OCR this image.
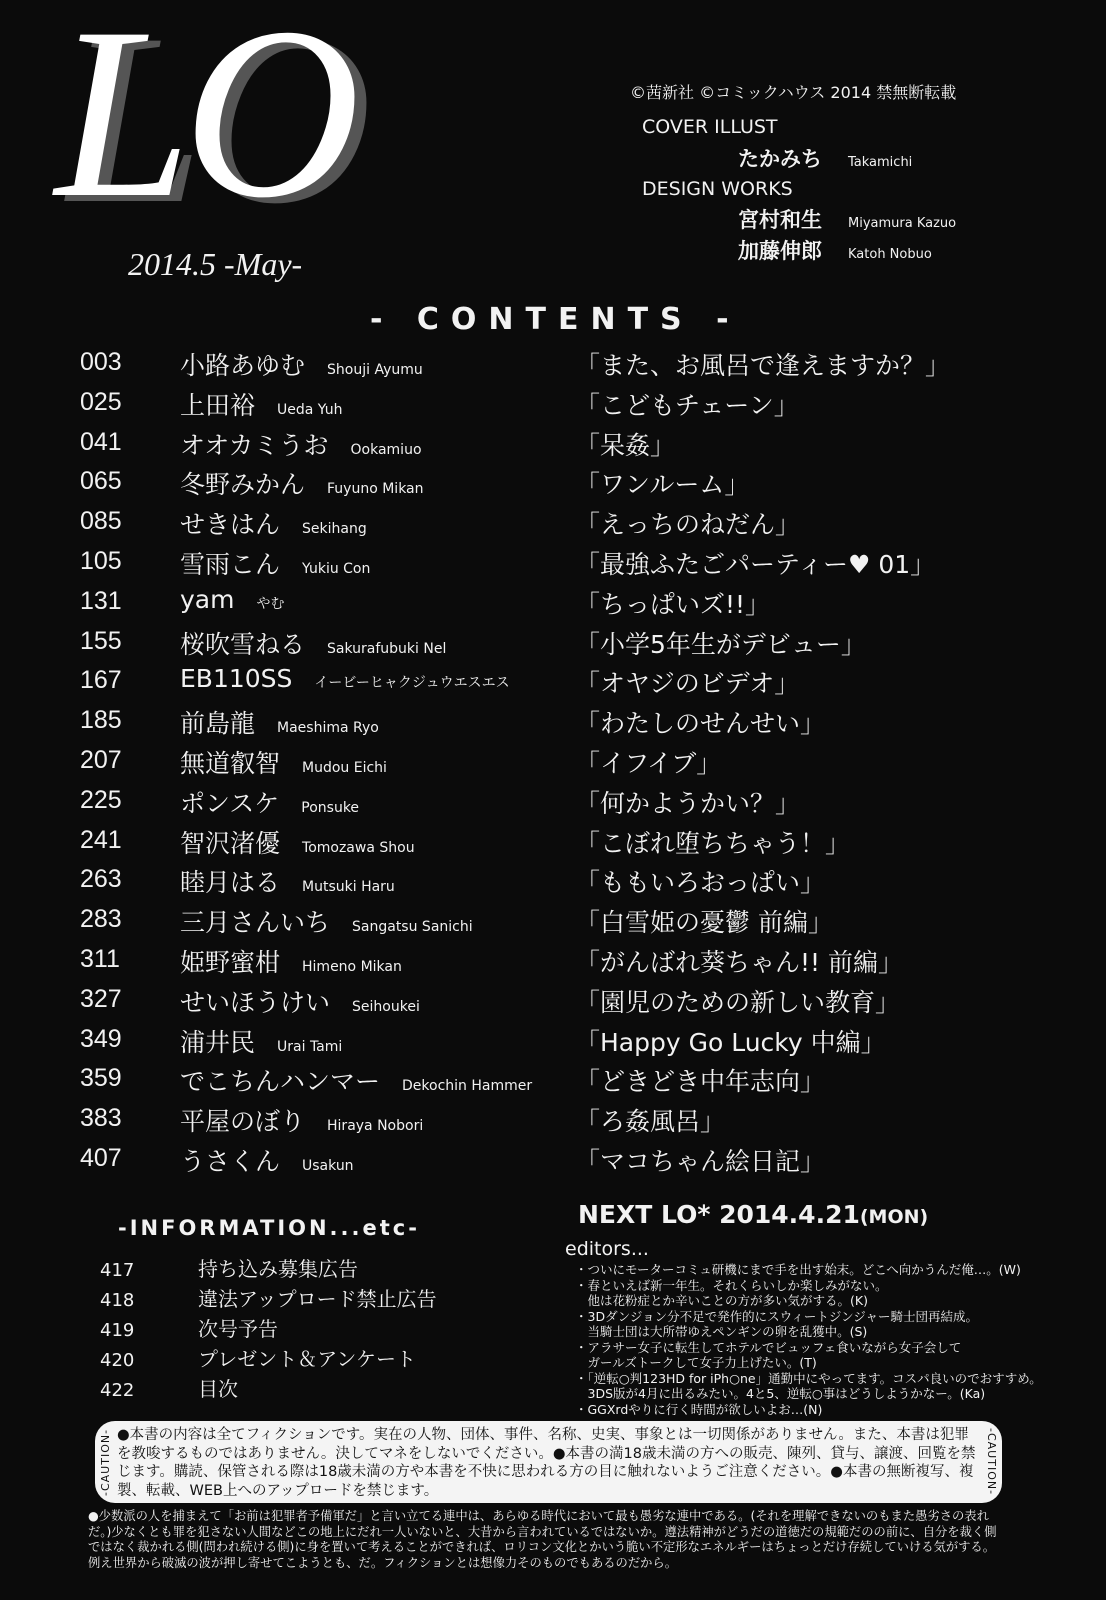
LO
2014.5 -May-
©茜新社 ©コミックハウス 2014 禁無断転載
COVER ILLUST
たかみち Takamichi
DESIGN WORKS
宮村和生 Miyamura Kazuo
加藤伸郎 Katoh Nobuo
- CONTENTS -
003 小路あゆむ Shouji Ayumu	「また、お風呂で逢えますか？」
025 上田裕 Ueda Yuh	「こどもチェーン」
041 オオカミうお Ookamiuo	「呆姦」
065 冬野みかん Fuyuno Mikan	「ワンルーム」
085 せきはん Sekihang	「えっちのねだん」
105 雪雨こん Yukiu Con	「最強ふたごパーティー♥ 01」
131 yam やむ	「ちっぱいズ!!」
155 桜吹雪ねる Sakurafubuki Nel	「小学5年生がデビュー」
167 EB110SS イービーヒャクジュウエスエス	「オヤジのビデオ」
185 前島龍 Maeshima Ryo	「わたしのせんせい」
207 無道叡智 Mudou Eichi	「イフイブ」
225 ポンスケ Ponsuke	「何かようかい？」
241 智沢渚優 Tomozawa Shou	「こぼれ堕ちちゃう！」
263 睦月はる Mutsuki Haru	「ももいろおっぱい」
283 三月さんいち Sangatsu Sanichi	「白雪姫の憂鬱 前編」
311 姫野蜜柑 Himeno Mikan	「がんばれ葵ちゃん!! 前編」
327 せいほうけい Seihoukei	「園児のための新しい教育」
349 浦井民 Urai Tami	「Happy Go Lucky 中編」
359 でこちんハンマー Dekochin Hammer 「どきどき中年志向」
383 平屋のぼり Hiraya Nobori	「ろ姦風呂」
407 うさくん Usakun	「マコちゃん絵日記」
-INFORMATION...etc-
417	持ち込み募集広告
418	違法アップロード禁止広告
419	次号予告
420	プレゼント＆アンケート
422	目次
NEXT LO* 2014.4.21(MON)
editors...
・ついにモーターコミュ研機にまで手を出す始末。どこへ向かうんだ俺…。(W)
・春といえば新一年生。それくらいしか楽しみがない。
　他は花粉症とか辛いことの方が多い気がする。(K)
・3Dダンジョン分不足で発作的にスウィートジンジャー騎士団再結成。
　当騎士団は大所帯ゆえペンギンの卵を乱獲中。(S)
・アラサー女子に転生してホテルでビュッフェ食いながら女子会して
　ガールズトークして女子力上げたい。(T)
・「逆転○判123HD for iPh○ne」通勤中にやってます。コスパ良いのでおすすめ。
　3DS版が4月に出るみたい。4と5、逆転○事はどうしようかなー。(Ka)
・GGXrdやりに行く時間が欲しいよお…(N)
-CAUTION- ●本書の内容は全てフィクションです。実在の人物、団体、事件、名称、史実、事象とは一切関係がありません。また、本書は犯罪を教唆するものではありません。決してマネをしないでください。●本書の満18歳未満の方への販売、陳列、貸与、譲渡、回覧を禁じます。購読、保管される際は18歳未満の方や本書を不快に思われる方の目に触れないようご注意ください。●本書の無断複写、複製、転載、WEB上へのアップロードを禁じます。	-CAUTION-
●少数派の人を捕まえて「お前は犯罪者予備軍だ」と言い立てる連中は、あらゆる時代において最も愚劣な連中である。(それを理解できないのもまた愚劣さの表れだ。)少なくとも罪を犯さない人間などこの地上にだれ一人いないと、大昔から言われているではないか。遵法精神がどうだの道徳だの規範だのの前に、自分を裁く側ではなく裁かれる側(問われ続ける側)に身を置いて考えることができれば、ロリコン文化とかいう脆い不定形なエネルギーはちょっとだけ存続していける気がする。例え世界から破滅の波が押し寄せてこようとも、だ。フィクションとは想像力そのものでもあるのだから。
